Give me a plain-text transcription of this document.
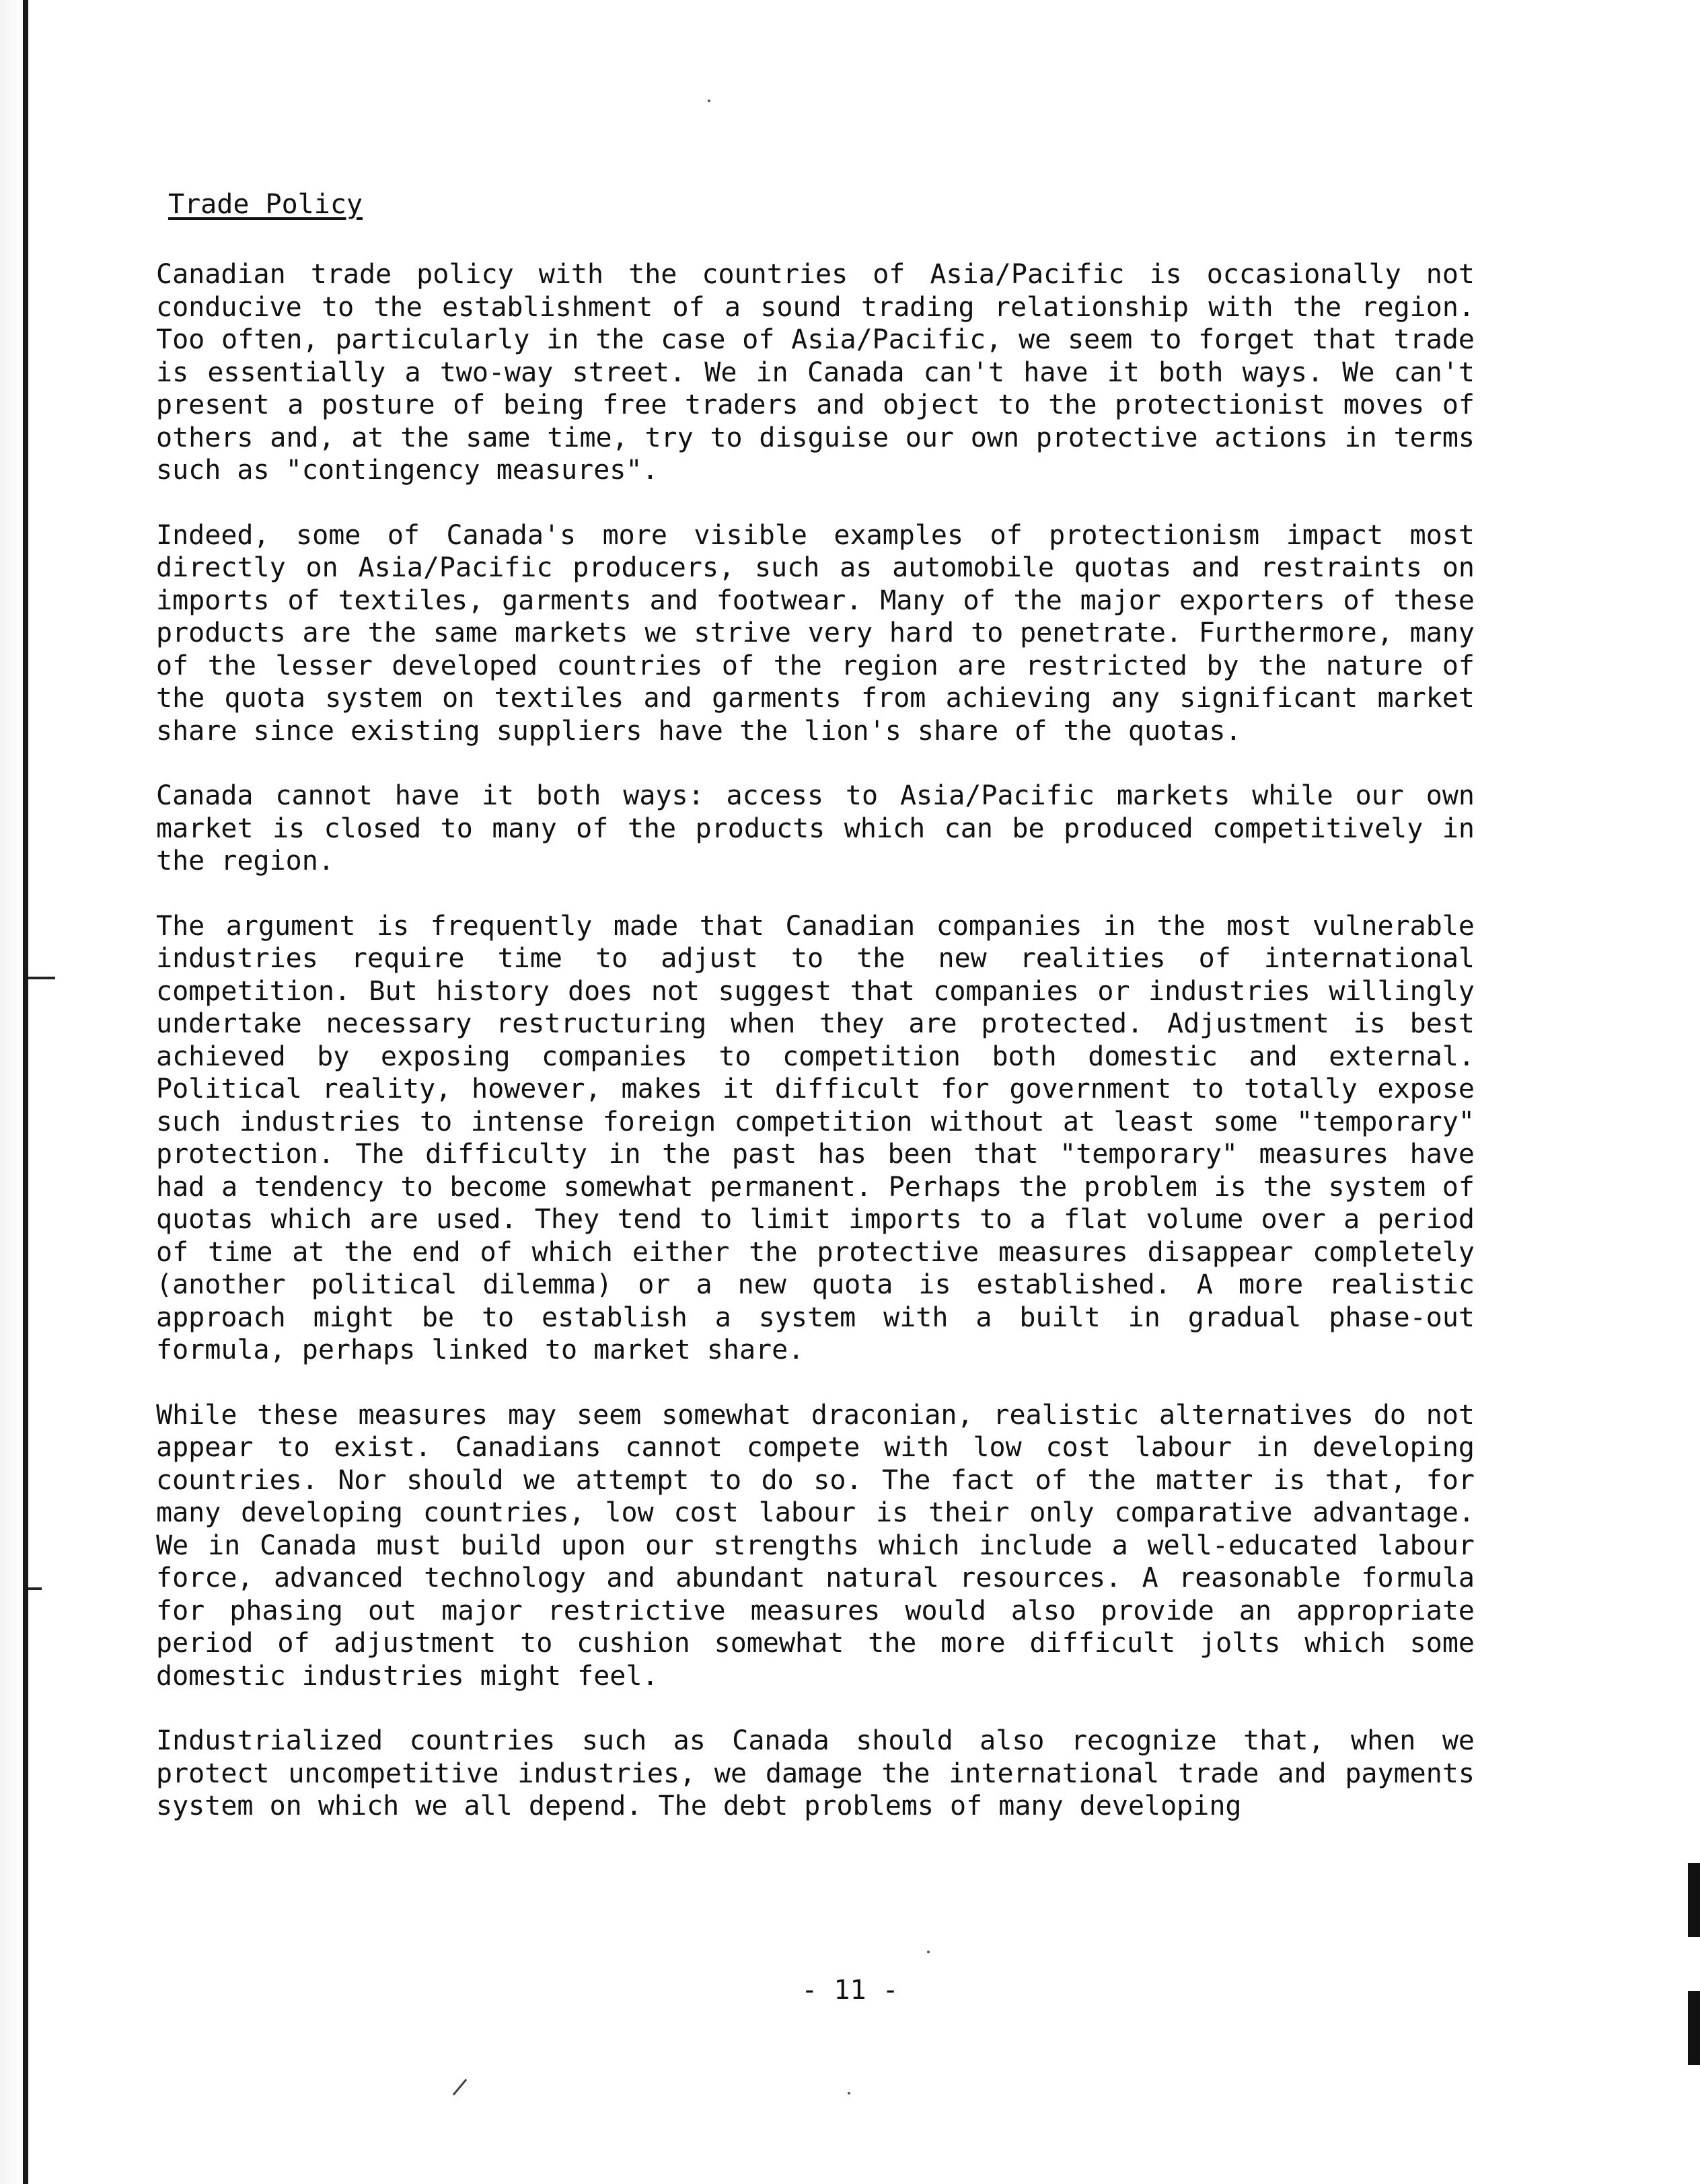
Trade Policy

Canadian trade policy with the countries of Asia/Pacific is occasionally not conducive to the establishment of a sound trading relationship with the region. Too often, particularly in the case of Asia/Pacific, we seem to forget that trade is essentially a two-way street. We in Canada can't have it both ways. We can't present a posture of being free traders and object to the protectionist moves of others and, at the same time, try to disguise our own protective actions in terms such as "contingency measures".

Indeed, some of Canada's more visible examples of protectionism impact most directly on Asia/Pacific producers, such as automobile quotas and restraints on imports of textiles, garments and footwear. Many of the major exporters of these products are the same markets we strive very hard to penetrate. Furthermore, many of the lesser developed countries of the region are restricted by the nature of the quota system on textiles and garments from achieving any significant market share since existing suppliers have the lion's share of the quotas.

Canada cannot have it both ways: access to Asia/Pacific markets while our own market is closed to many of the products which can be produced competitively in the region.

The argument is frequently made that Canadian companies in the most vulnerable industries require time to adjust to the new realities of international competition. But history does not suggest that companies or industries willingly undertake necessary restructuring when they are protected. Adjustment is best achieved by exposing companies to competition both domestic and external. Political reality, however, makes it difficult for government to totally expose such industries to intense foreign competition without at least some "temporary" protection. The difficulty in the past has been that "temporary" measures have had a tendency to become somewhat permanent. Perhaps the problem is the system of quotas which are used. They tend to limit imports to a flat volume over a period of time at the end of which either the protective measures disappear completely (another political dilemma) or a new quota is established. A more realistic approach might be to establish a system with a built in gradual phase-out formula, perhaps linked to market share.

While these measures may seem somewhat draconian, realistic alternatives do not appear to exist. Canadians cannot compete with low cost labour in developing countries. Nor should we attempt to do so. The fact of the matter is that, for many developing countries, low cost labour is their only comparative advantage. We in Canada must build upon our strengths which include a well-educated labour force, advanced technology and abundant natural resources. A reasonable formula for phasing out major restrictive measures would also provide an appropriate period of adjustment to cushion somewhat the more difficult jolts which some domestic industries might feel.

Industrialized countries such as Canada should also recognize that, when we protect uncompetitive industries, we damage the international trade and payments system on which we all depend. The debt problems of many developing

- 11 -
